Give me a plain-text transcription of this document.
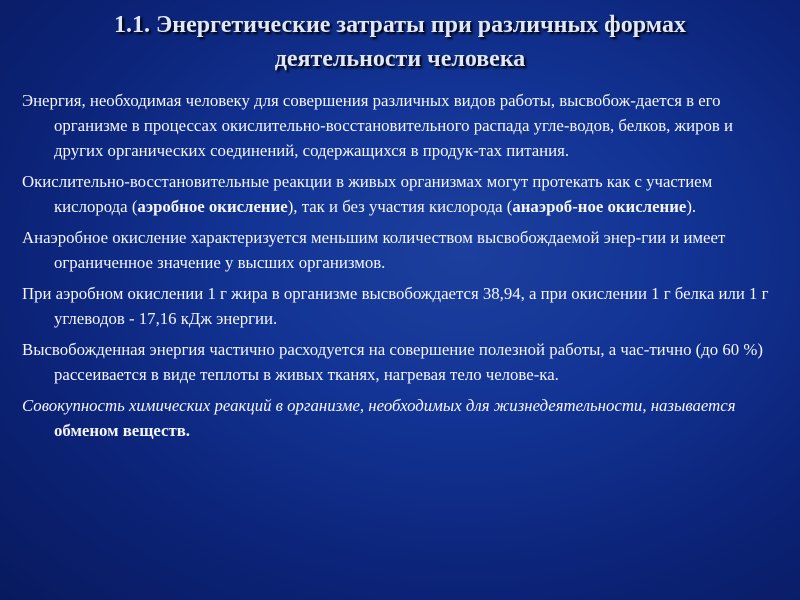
1.1. Энергетические затраты при различных формах
деятельности человека

Энергия, необходимая человеку для совершения различных видов работы, высвобож-дается в его организме в процессах окислительно-восстановительного распада угле-водов, белков, жиров и других органических соединений, содержащихся в продук-тах питания.

Окислительно-восстановительные реакции в живых организмах могут протекать как с участием кислорода (аэробное окисление), так и без участия кислорода (анаэроб-ное окисление).

Анаэробное окисление характеризуется меньшим количеством высвобождаемой энер-гии и имеет ограниченное значение у высших организмов.

При аэробном окислении 1 г жира в организме высвобождается 38,94, а при окислении 1 г белка или 1 г углеводов - 17,16 кДж энергии.

Высвобожденная энергия частично расходуется на совершение полезной работы, а час-тично (до 60 %) рассеивается в виде теплоты в живых тканях, нагревая тело челове-ка.

Совокупность химических реакций в организме, необходимых для жизнедеятельности, называется обменом веществ.
